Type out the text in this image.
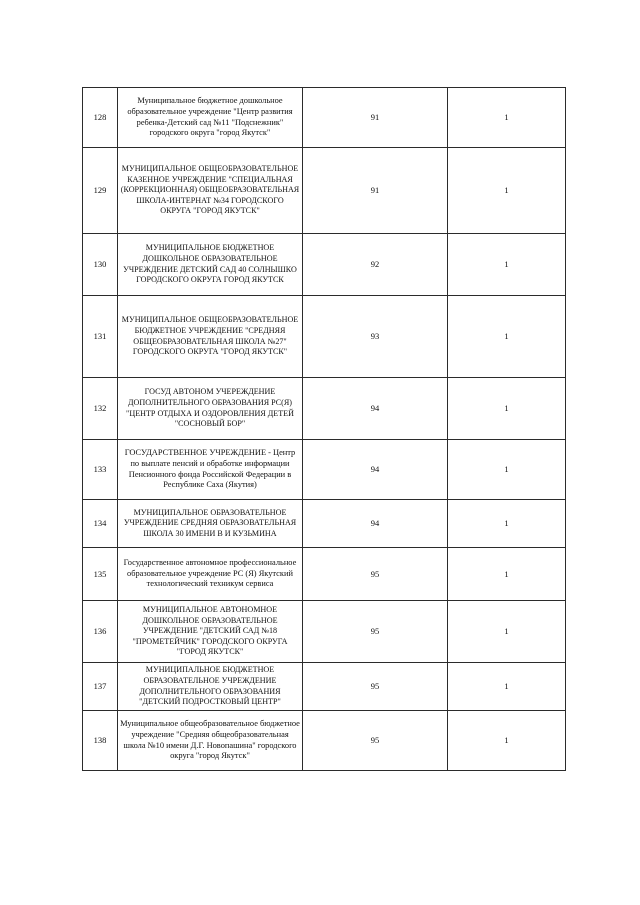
128	Муниципальное бюджетное дошкольное образовательное учреждение "Центр развития ребенка-Детский сад №11 "Подснежник" городского округа "город Якутск"	91	1
129	МУНИЦИПАЛЬНОЕ ОБЩЕОБРАЗОВАТЕЛЬНОЕ КАЗЕННОЕ УЧРЕЖДЕНИЕ "СПЕЦИАЛЬНАЯ (КОРРЕКЦИОННАЯ) ОБЩЕОБРАЗОВАТЕЛЬНАЯ ШКОЛА-ИНТЕРНАТ №34 ГОРОДСКОГО ОКРУГА "ГОРОД ЯКУТСК"	91	1
130	МУНИЦИПАЛЬНОЕ БЮДЖЕТНОЕ ДОШКОЛЬНОЕ ОБРАЗОВАТЕЛЬНОЕ УЧРЕЖДЕНИЕ ДЕТСКИЙ САД 40 СОЛНЫШКО ГОРОДСКОГО ОКРУГА ГОРОД ЯКУТСК	92	1
131	МУНИЦИПАЛЬНОЕ ОБЩЕОБРАЗОВАТЕЛЬНОЕ БЮДЖЕТНОЕ УЧРЕЖДЕНИЕ "СРЕДНЯЯ ОБЩЕОБРАЗОВАТЕЛЬНАЯ ШКОЛА №27" ГОРОДСКОГО ОКРУГА "ГОРОД ЯКУТСК"	93	1
132	ГОСУД АВТОНОМ УЧЕРЕЖДЕНИЕ ДОПОЛНИТЕЛЬНОГО ОБРАЗОВАНИЯ РС(Я) "ЦЕНТР ОТДЫХА И ОЗДОРОВЛЕНИЯ ДЕТЕЙ "СОСНОВЫЙ БОР"	94	1
133	ГОСУДАРСТВЕННОЕ УЧРЕЖДЕНИЕ - Центр по выплате пенсий и обработке информации Пенсионного фонда Российской Федерации в Республике Саха (Якутия)	94	1
134	МУНИЦИПАЛЬНОЕ ОБРАЗОВАТЕЛЬНОЕ УЧРЕЖДЕНИЕ СРЕДНЯЯ ОБРАЗОВАТЕЛЬНАЯ ШКОЛА 30 ИМЕНИ В И КУЗЬМИНА	94	1
135	Государственное автономное профессиональное образовательное учреждение РС (Я) Якутский технологический техникум сервиса	95	1
136	МУНИЦИПАЛЬНОЕ АВТОНОМНОЕ ДОШКОЛЬНОЕ ОБРАЗОВАТЕЛЬНОЕ УЧРЕЖДЕНИЕ "ДЕТСКИЙ САД №18 "ПРОМЕТЕЙЧИК" ГОРОДСКОГО ОКРУГА "ГОРОД ЯКУТСК"	95	1
137	МУНИЦИПАЛЬНОЕ БЮДЖЕТНОЕ ОБРАЗОВАТЕЛЬНОЕ УЧРЕЖДЕНИЕ ДОПОЛНИТЕЛЬНОГО ОБРАЗОВАНИЯ "ДЕТСКИЙ ПОДРОСТКОВЫЙ ЦЕНТР"	95	1
138	Муниципальное общеобразовательное бюджетное учреждение "Средняя общеобразовательная школа №10 имени Д.Г. Новопашина" городского округа "город Якутск"	95	1
